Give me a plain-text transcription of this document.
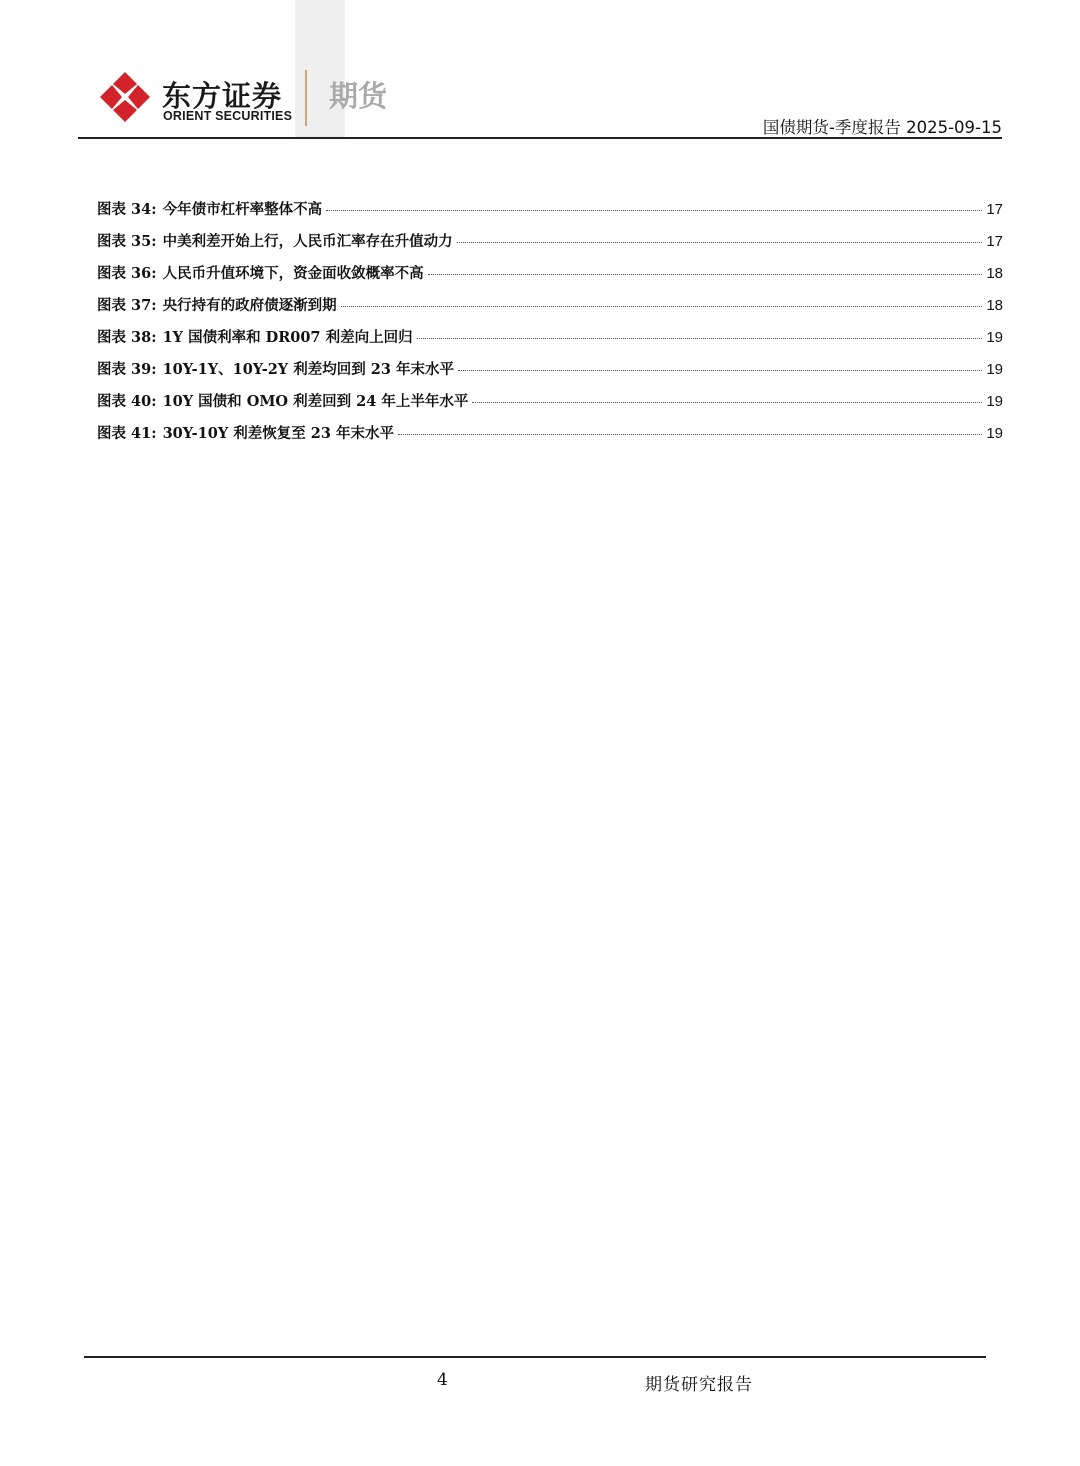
东方证券
ORIENT SECURITIES
期货
国债期货-季度报告 2025-09-15
图表 34: 今年债市杠杆率整体不高	17
图表 35: 中美利差开始上行，人民币汇率存在升值动力	17
图表 36: 人民币升值环境下，资金面收敛概率不高	18
图表 37: 央行持有的政府债逐渐到期	18
图表 38: 1Y 国债利率和 DR007 利差向上回归	19
图表 39: 10Y-1Y、10Y-2Y 利差均回到 23 年末水平	19
图表 40: 10Y 国债和 OMO 利差回到 24 年上半年水平	19
图表 41: 30Y-10Y 利差恢复至 23 年末水平	19
4	期货研究报告
